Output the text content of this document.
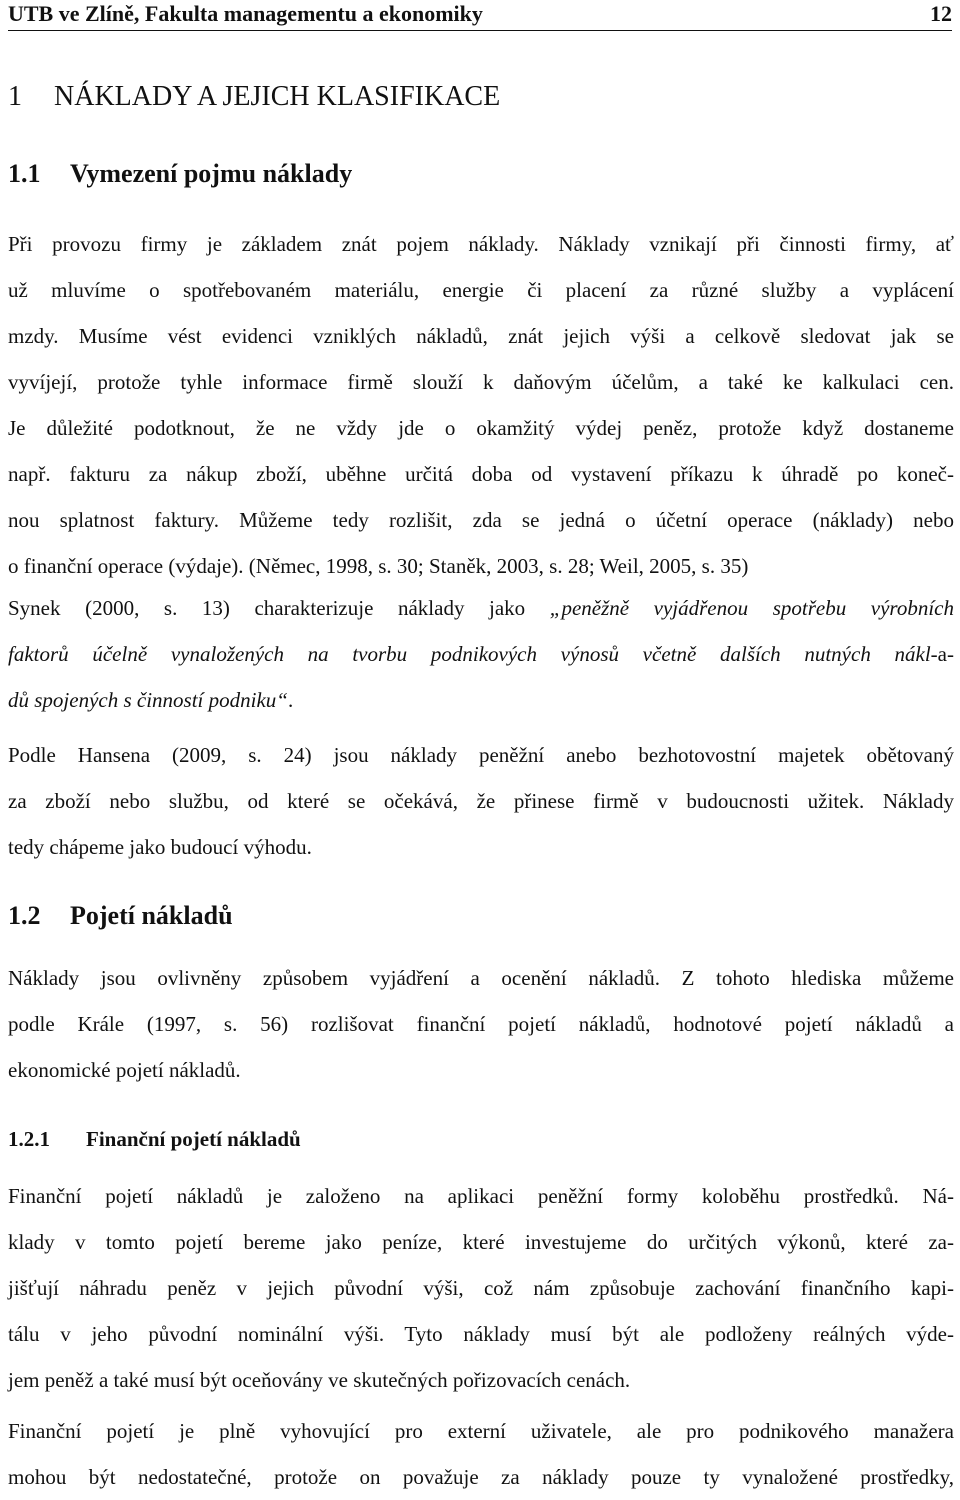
UTB ve Zlíně, Fakulta managementu a ekonomiky	12
1 NÁKLADY A JEJICH KLASIFIKACE
1.1 Vymezení pojmu náklady
Při provozu firmy je základem znát pojem náklady. Náklady vznikají při činnosti firmy, ať
už mluvíme o spotřebovaném materiálu, energie či placení za různé služby a vyplácení
mzdy. Musíme vést evidenci vzniklých nákladů, znát jejich výši a celkově sledovat jak se
vyvíjejí, protože tyhle informace firmě slouží k daňovým účelům, a také ke kalkulaci cen.
Je důležité podotknout, že ne vždy jde o okamžitý výdej peněz, protože když dostaneme
např. fakturu za nákup zboží, uběhne určitá doba od vystavení příkazu k úhradě po koneč-
nou splatnost faktury. Můžeme tedy rozlišit, zda se jedná o účetní operace (náklady) nebo
o finanční operace (výdaje). (Němec, 1998, s. 30; Staněk, 2003, s. 28; Weil, 2005, s. 35)
Synek (2000, s. 13) charakterizuje náklady jako „peněžně vyjádřenou spotřebu výrobních
faktorů účelně vynaložených na tvorbu podnikových výnosů včetně dalších nutných nákl-a-
dů spojených s činností podniku“.
Podle Hansena (2009, s. 24) jsou náklady peněžní anebo bezhotovostní majetek obětovaný
za zboží nebo službu, od které se očekává, že přinese firmě v budoucnosti užitek. Náklady
tedy chápeme jako budoucí výhodu.
1.2 Pojetí nákladů
Náklady jsou ovlivněny způsobem vyjádření a ocenění nákladů. Z tohoto hlediska můžeme
podle Krále (1997, s. 56) rozlišovat finanční pojetí nákladů, hodnotové pojetí nákladů a
ekonomické pojetí nákladů.
1.2.1 Finanční pojetí nákladů
Finanční pojetí nákladů je založeno na aplikaci peněžní formy koloběhu prostředků. Ná-
klady v tomto pojetí bereme jako peníze, které investujeme do určitých výkonů, které za-
jišťují náhradu peněz v jejich původní výši, což nám způsobuje zachování finančního kapi-
tálu v jeho původní nominální výši. Tyto náklady musí být ale podloženy reálných výde-
jem peněž a také musí být oceňovány ve skutečných pořizovacích cenách.
Finanční pojetí je plně vyhovující pro externí uživatele, ale pro podnikového manažera
mohou být nedostatečné, protože on považuje za náklady pouze ty vynaložené prostředky,
